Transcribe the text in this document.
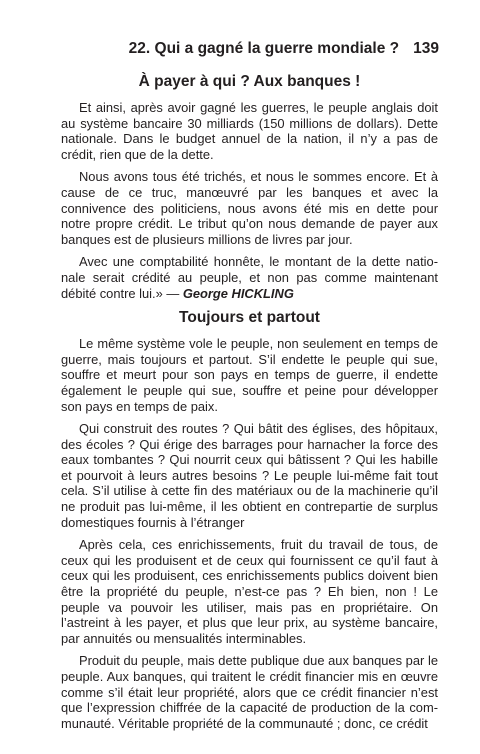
22. Qui a gagné la guerre mondiale ? 139
À payer à qui ? Aux banques !

Et ainsi, après avoir gagné les guerres, le peuple anglais doit au système bancaire 30 milliards (150 millions de dollars). Dette nationale. Dans le budget annuel de la nation, il n’y a pas de crédit, rien que de la dette.

Nous avons tous été trichés, et nous le sommes encore. Et à cause de ce truc, manœuvré par les banques et avec la connivence des politiciens, nous avons été mis en dette pour notre propre crédit. Le tribut qu’on nous demande de payer aux banques est de plusieurs millions de livres par jour.

Avec une comptabilité honnête, le montant de la dette nationale serait crédité au peuple, et non pas comme maintenant débité contre lui.» — George HICKLING

Toujours et partout

Le même système vole le peuple, non seulement en temps de guerre, mais toujours et partout. S’il endette le peuple qui sue, souffre et meurt pour son pays en temps de guerre, il endette également le peuple qui sue, souffre et peine pour développer son pays en temps de paix.

Qui construit des routes ? Qui bâtit des églises, des hôpitaux, des écoles ? Qui érige des barrages pour harnacher la force des eaux tombantes ? Qui nourrit ceux qui bâtissent ? Qui les habille et pourvoit à leurs autres besoins ? Le peuple lui-même fait tout cela. S’il utilise à cette fin des matériaux ou de la machinerie qu’il ne produit pas lui-même, il les obtient en contrepartie de surplus domestiques fournis à l’étranger

Après cela, ces enrichissements, fruit du travail de tous, de ceux qui les produisent et de ceux qui fournissent ce qu’il faut à ceux qui les produisent, ces enrichissements publics doivent bien être la propriété du peuple, n’est-ce pas ? Eh bien, non ! Le peuple va pouvoir les utiliser, mais pas en propriétaire. On l’astreint à les payer, et plus que leur prix, au système bancaire, par annuités ou mensualités interminables.

Produit du peuple, mais dette publique due aux banques par le peuple. Aux banques, qui traitent le crédit financier mis en œuvre comme s’il était leur propriété, alors que ce crédit financier n’est que l’expression chiffrée de la capacité de production de la communauté. Véritable propriété de la communauté ; donc, ce crédit
